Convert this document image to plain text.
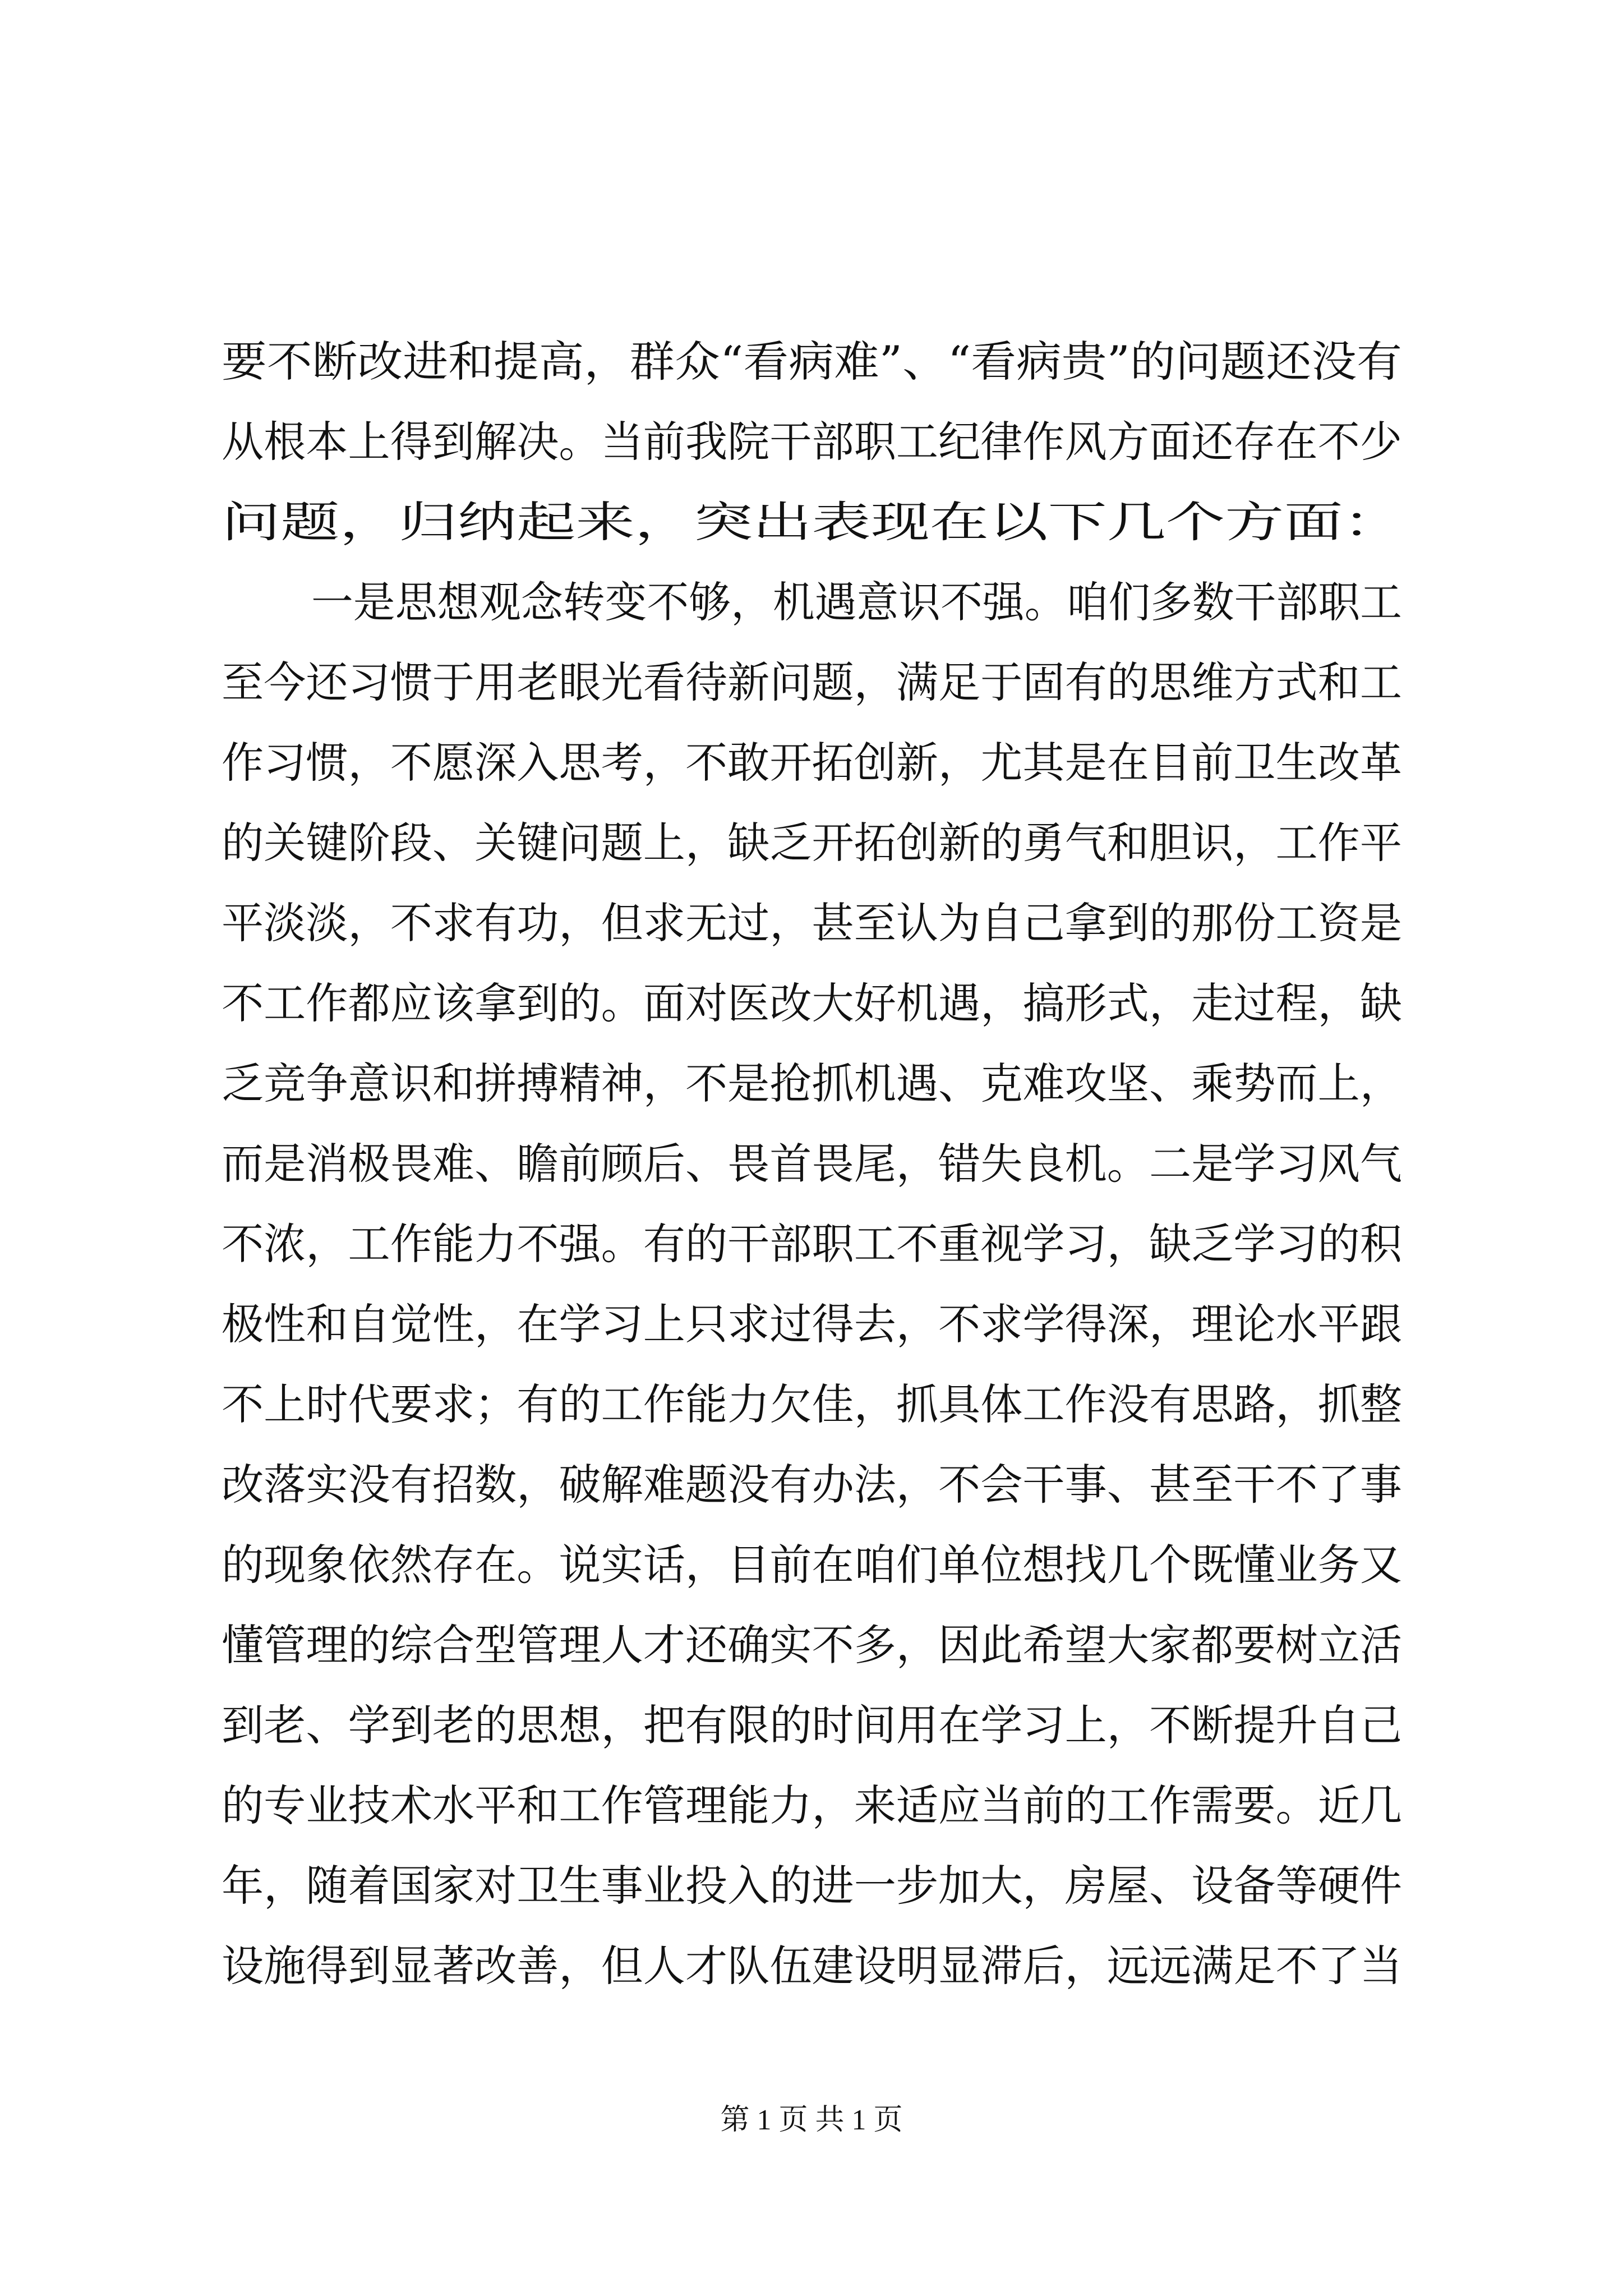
要不断改进和提高，群众“看病难”、“看病贵”的问题还没有

从根本上得到解决。当前我院干部职工纪律作风方面还存在不少

问题，归纳起来，突出表现在以下几个方面：

一是思想观念转变不够，机遇意识不强。咱们多数干部职工

至今还习惯于用老眼光看待新问题，满足于固有的思维方式和工

作习惯，不愿深入思考，不敢开拓创新，尤其是在目前卫生改革

的关键阶段、关键问题上，缺乏开拓创新的勇气和胆识，工作平

平淡淡，不求有功，但求无过，甚至认为自己拿到的那份工资是

不工作都应该拿到的。面对医改大好机遇，搞形式，走过程，缺

乏竞争意识和拼搏精神，不是抢抓机遇、克难攻坚、乘势而上，

而是消极畏难、瞻前顾后、畏首畏尾，错失良机。二是学习风气

不浓，工作能力不强。有的干部职工不重视学习，缺乏学习的积

极性和自觉性，在学习上只求过得去，不求学得深，理论水平跟

不上时代要求；有的工作能力欠佳，抓具体工作没有思路，抓整

改落实没有招数，破解难题没有办法，不会干事、甚至干不了事

的现象依然存在。说实话，目前在咱们单位想找几个既懂业务又

懂管理的综合型管理人才还确实不多，因此希望大家都要树立活

到老、学到老的思想，把有限的时间用在学习上，不断提升自己

的专业技术水平和工作管理能力，来适应当前的工作需要。近几

年，随着国家对卫生事业投入的进一步加大，房屋、设备等硬件

设施得到显著改善，但人才队伍建设明显滞后，远远满足不了当

第 1 页 共 1 页
